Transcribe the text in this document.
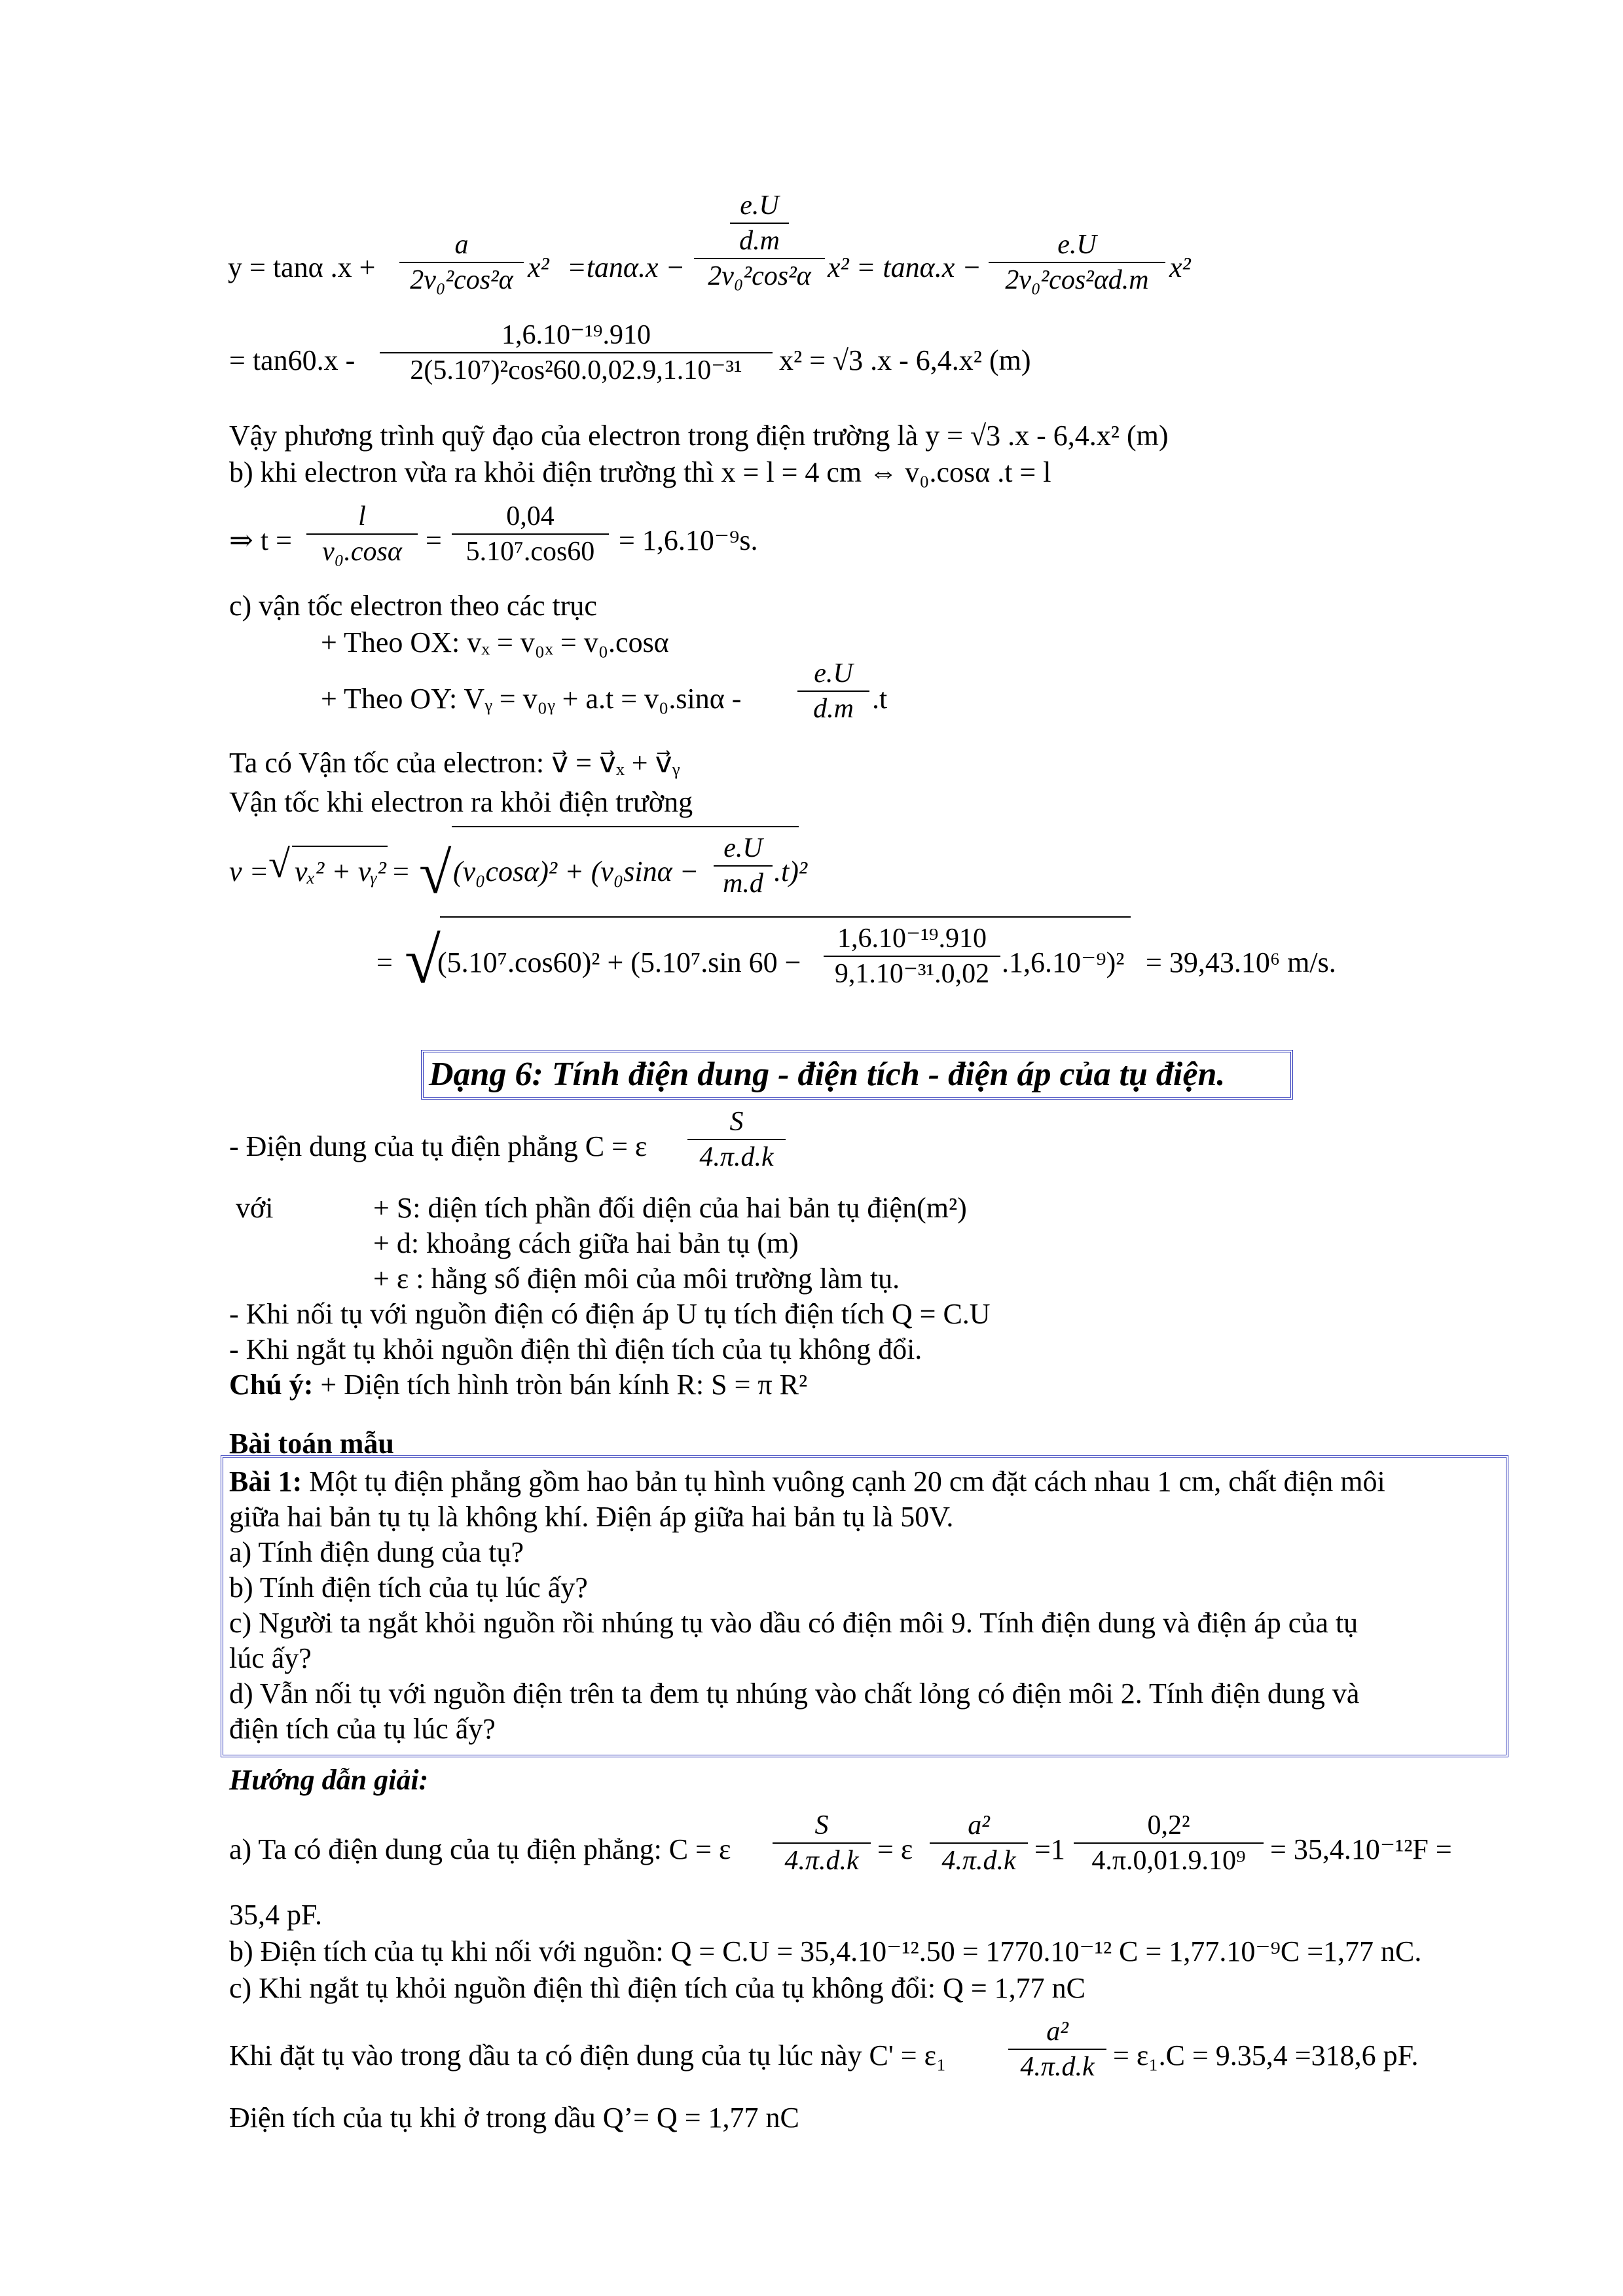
y = tanα .x +
a
2v₀²cos²α x² =tanα.x −
e.U
d.m
2v₀²cos²α x² = tanα.x −
e.U
2v₀²cos²αd.m x²
= tan60.x -
1,6.10⁻¹⁹.910
2(5.10⁷)²cos²60.0,02.9,1.10⁻³¹	x² = √3 .x - 6,4.x² (m)
Vậy phương trình quỹ đạo của electron trong điện trường là y = √3 .x - 6,4.x² (m)
b) khi electron vừa ra khỏi điện trường thì x = l = 4 cm ⇔ v₀.cosα .t = l
⇒ t =
l
v₀.cosα =
0,04
5.10⁷.cos60 = 1,6.10⁻⁹s.
c) vận tốc electron theo các trục
+ Theo OX: vₓ = v₀ₓ = v₀.cosα
+ Theo OY: Vᵧ = v₀ᵧ + a.t = v₀.sinα -
e.U
d.m .t
Ta có Vận tốc của electron: v⃗ = v⃗ₓ + v⃗ᵧ
Vận tốc khi electron ra khỏi điện trường
v = √ vₓ² + vᵧ² = √ (v₀cosα)² + (v₀sinα −
e.U
m.d .t)²
= √
(5.10⁷.cos60)² + (5.10⁷.sin 60 −
1,6.10⁻¹⁹.910
9,1.10⁻³¹.0,02 .1,6.10⁻⁹)² = 39,43.10⁶ m/s.
Dạng 6: Tính điện dung - điện tích - điện áp của tụ điện.
- Điện dung của tụ điện phẳng C = ε
S
4.π.d.k
với	+ S: diện tích phần đối diện của hai bản tụ điện(m²)
+ d: khoảng cách giữa hai bản tụ (m)
+ ε : hằng số điện môi của môi trường làm tụ.
- Khi nối tụ với nguồn điện có điện áp U tụ tích điện tích Q = C.U
- Khi ngắt tụ khỏi nguồn điện thì điện tích của tụ không đổi.
Chú ý: + Diện tích hình tròn bán kính R: S = π R²
Bài toán mẫu
Bài 1: Một tụ điện phẳng gồm hao bản tụ hình vuông cạnh 20 cm đặt cách nhau 1 cm, chất điện môi
giữa hai bản tụ tụ là không khí. Điện áp giữa hai bản tụ là 50V.
a) Tính điện dung của tụ?
b) Tính điện tích của tụ lúc ấy?
c) Người ta ngắt khỏi nguồn rồi nhúng tụ vào dầu có điện môi 9. Tính điện dung và điện áp của tụ
lúc ấy?
d) Vẫn nối tụ với nguồn điện trên ta đem tụ nhúng vào chất lỏng có điện môi 2. Tính điện dung và
điện tích của tụ lúc ấy?
Hướng dẫn giải:
a) Ta có điện dung của tụ điện phẳng: C = ε
S
4.π.d.k = ε
a²
4.π.d.k =1
0,2²
4.π.0,01.9.10⁹ = 35,4.10⁻¹²F =
35,4 pF.
b) Điện tích của tụ khi nối với nguồn: Q = C.U = 35,4.10⁻¹².50 = 1770.10⁻¹² C = 1,77.10⁻⁹C =1,77 nC.
c) Khi ngắt tụ khỏi nguồn điện thì điện tích của tụ không đổi: Q = 1,77 nC
Khi đặt tụ vào trong dầu ta có điện dung của tụ lúc này C' = ε₁
a²
4.π.d.k = ε₁.C = 9.35,4 =318,6 pF.
Điện tích của tụ khi ở trong dầu Q’= Q = 1,77 nC
